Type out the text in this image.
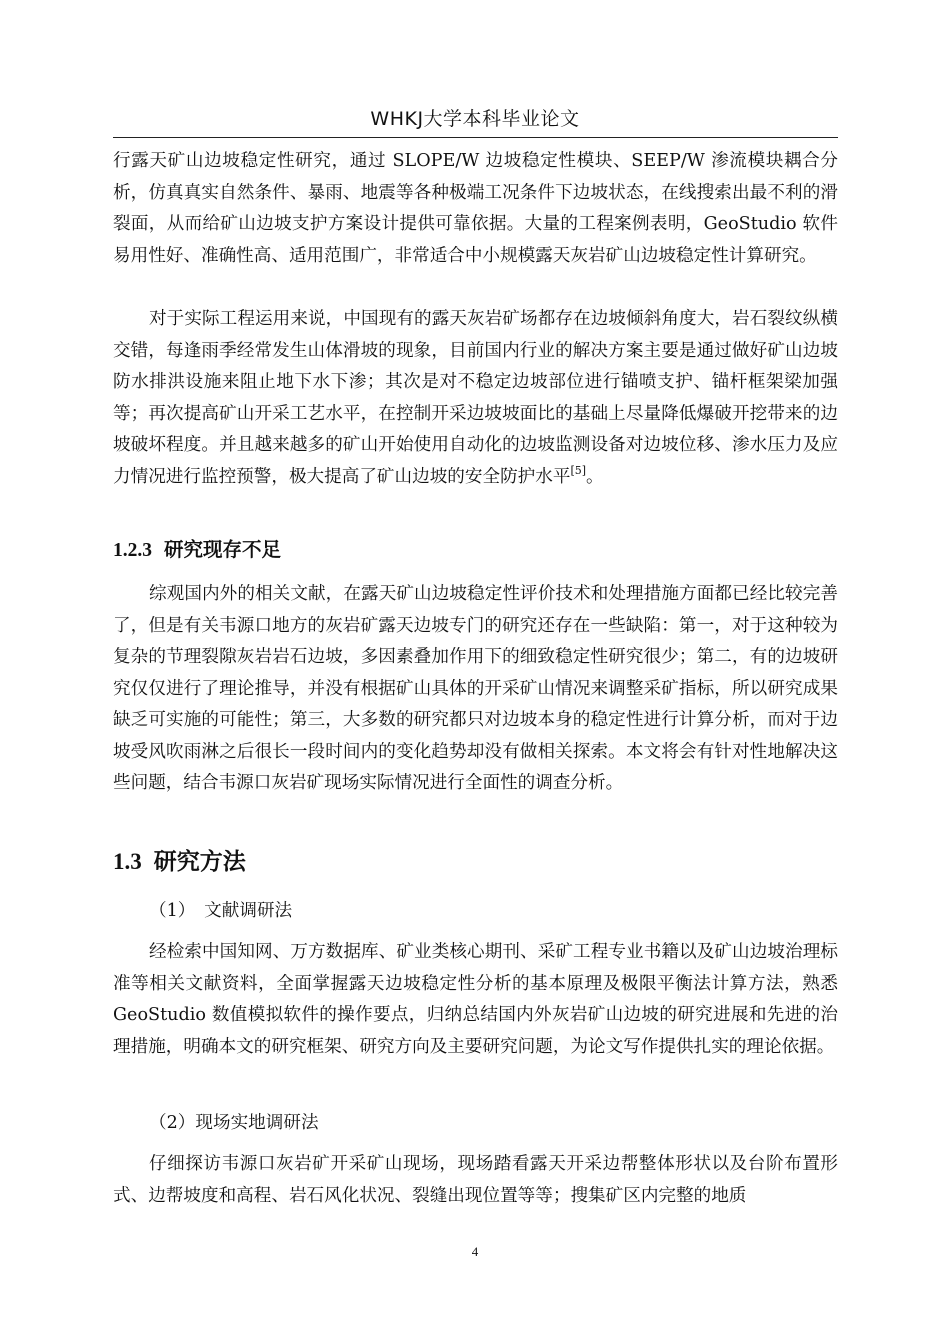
WHKJ大学本科毕业论文

行露天矿山边坡稳定性研究，通过 SLOPE/W 边坡稳定性模块、SEEP/W 渗流模块耦合分析，仿真真实自然条件、暴雨、地震等各种极端工况条件下边坡状态，在线搜索出最不利的滑裂面，从而给矿山边坡支护方案设计提供可靠依据。大量的工程案例表明，GeoStudio 软件易用性好、准确性高、适用范围广，非常适合中小规模露天灰岩矿山边坡稳定性计算研究。

对于实际工程运用来说，中国现有的露天灰岩矿场都存在边坡倾斜角度大，岩石裂纹纵横交错，每逢雨季经常发生山体滑坡的现象，目前国内行业的解决方案主要是通过做好矿山边坡防水排洪设施来阻止地下水下渗；其次是对不稳定边坡部位进行锚喷支护、锚杆框架梁加强等；再次提高矿山开采工艺水平，在控制开采边坡坡面比的基础上尽量降低爆破开挖带来的边坡破坏程度。并且越来越多的矿山开始使用自动化的边坡监测设备对边坡位移、渗水压力及应力情况进行监控预警，极大提高了矿山边坡的安全防护水平[5]。

1.2.3 研究现存不足

综观国内外的相关文献，在露天矿山边坡稳定性评价技术和处理措施方面都已经比较完善了，但是有关韦源口地方的灰岩矿露天边坡专门的研究还存在一些缺陷：第一，对于这种较为复杂的节理裂隙灰岩岩石边坡，多因素叠加作用下的细致稳定性研究很少；第二，有的边坡研究仅仅进行了理论推导，并没有根据矿山具体的开采矿山情况来调整采矿指标，所以研究成果缺乏可实施的可能性；第三，大多数的研究都只对边坡本身的稳定性进行计算分析，而对于边坡受风吹雨淋之后很长一段时间内的变化趋势却没有做相关探索。本文将会有针对性地解决这些问题，结合韦源口灰岩矿现场实际情况进行全面性的调查分析。

1.3 研究方法

（1）　文献调研法

经检索中国知网、万方数据库、矿业类核心期刊、采矿工程专业书籍以及矿山边坡治理标准等相关文献资料，全面掌握露天边坡稳定性分析的基本原理及极限平衡法计算方法，熟悉 GeoStudio 数值模拟软件的操作要点，归纳总结国内外灰岩矿山边坡的研究进展和先进的治理措施，明确本文的研究框架、研究方向及主要研究问题，为论文写作提供扎实的理论依据。

（2）现场实地调研法

仔细探访韦源口灰岩矿开采矿山现场，现场踏看露天开采边帮整体形状以及台阶布置形式、边帮坡度和高程、岩石风化状况、裂缝出现位置等等；搜集矿区内完整的地质

4
